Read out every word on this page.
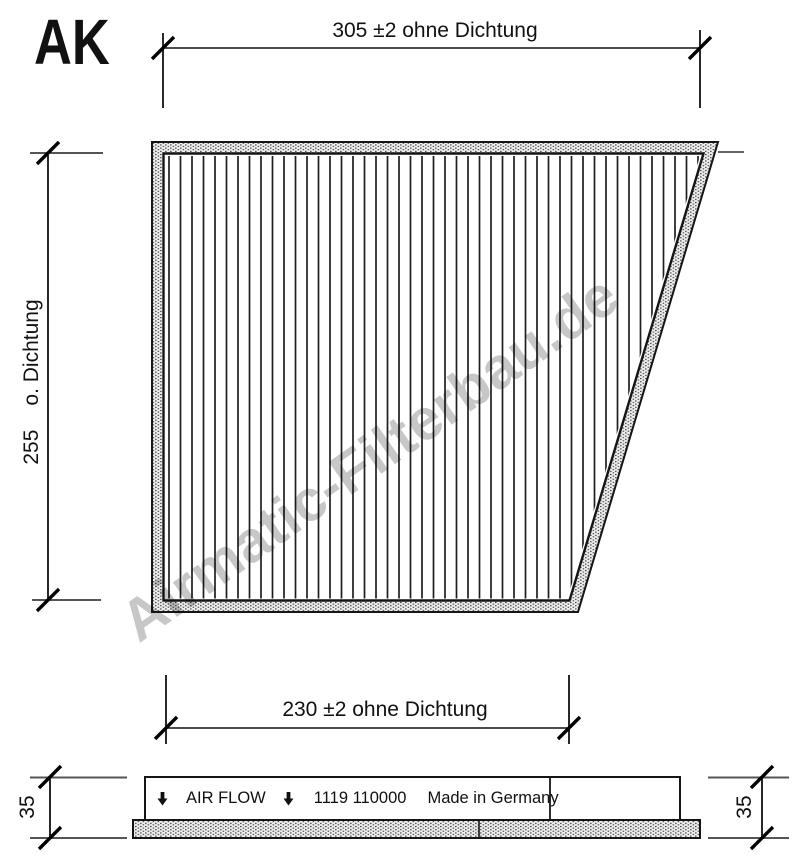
AK	305 ±2 ohne Dichtung
255o. Dichtung
230 ±2 ohne Dichtung
35	35
AIR FLOW	1119 110000 Made in Germany
Airmatic-Filterbau.de
